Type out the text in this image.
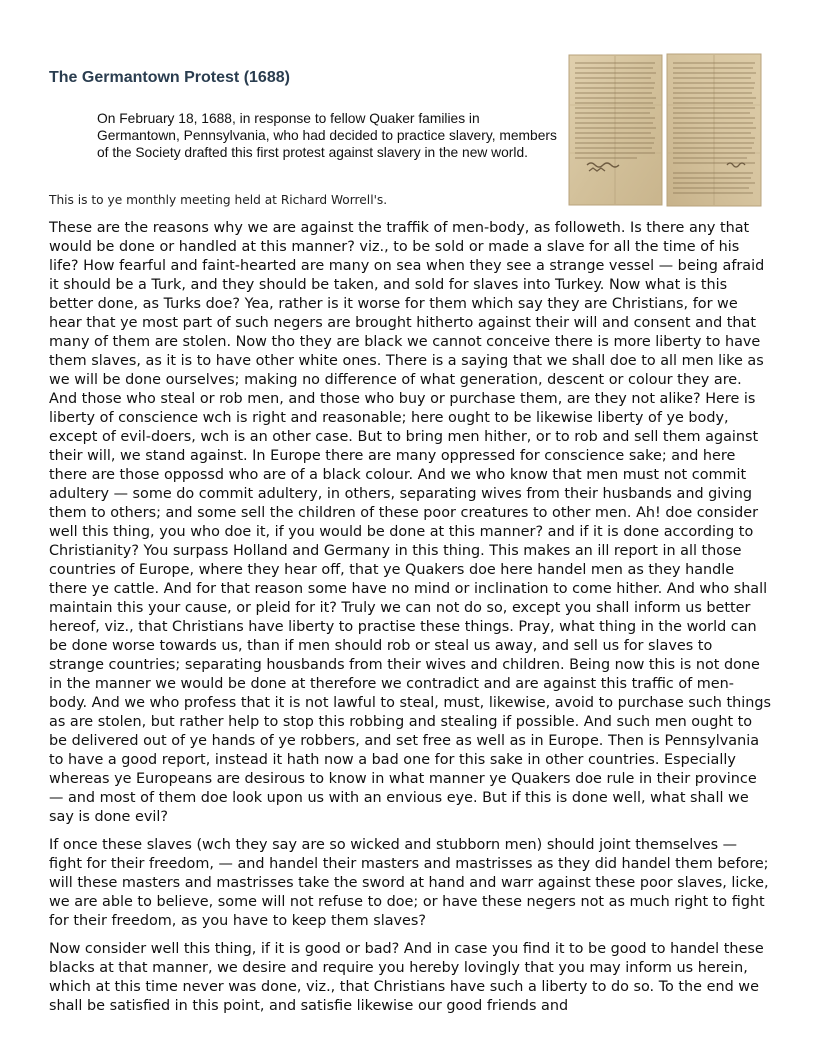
The Germantown Protest (1688)

On February 18, 1688, in response to fellow Quaker families in Germantown, Pennsylvania, who had decided to practice slavery, members of the Society drafted this first protest against slavery in the new world.

This is to ye monthly meeting held at Richard Worrell's.

These are the reasons why we are against the traffik of men-body, as followeth. Is there any that would be done or handled at this manner? viz., to be sold or made a slave for all the time of his life? How fearful and faint-hearted are many on sea when they see a strange vessel — being afraid it should be a Turk, and they should be taken, and sold for slaves into Turkey. Now what is this better done, as Turks doe? Yea, rather is it worse for them which say they are Christians, for we hear that ye most part of such negers are brought hitherto against their will and consent and that many of them are stolen. Now tho they are black we cannot conceive there is more liberty to have them slaves, as it is to have other white ones. There is a saying that we shall doe to all men like as we will be done ourselves; making no difference of what generation, descent or colour they are. And those who steal or rob men, and those who buy or purchase them, are they not alike? Here is liberty of conscience wch is right and reasonable; here ought to be likewise liberty of ye body, except of evil-doers, wch is an other case. But to bring men hither, or to rob and sell them against their will, we stand against. In Europe there are many oppressed for conscience sake; and here there are those oppossd who are of a black colour. And we who know that men must not commit adultery — some do commit adultery, in others, separating wives from their husbands and giving them to others; and some sell the children of these poor creatures to other men. Ah! doe consider well this thing, you who doe it, if you would be done at this manner? and if it is done according to Christianity? You surpass Holland and Germany in this thing. This makes an ill report in all those countries of Europe, where they hear off, that ye Quakers doe here handel men as they handle there ye cattle. And for that reason some have no mind or inclination to come hither. And who shall maintain this your cause, or pleid for it? Truly we can not do so, except you shall inform us better hereof, viz., that Christians have liberty to practise these things. Pray, what thing in the world can be done worse towards us, than if men should rob or steal us away, and sell us for slaves to strange countries; separating housbands from their wives and children. Being now this is not done in the manner we would be done at therefore we contradict and are against this traffic of men-body. And we who profess that it is not lawful to steal, must, likewise, avoid to purchase such things as are stolen, but rather help to stop this robbing and stealing if possible. And such men ought to be delivered out of ye hands of ye robbers, and set free as well as in Europe. Then is Pennsylvania to have a good report, instead it hath now a bad one for this sake in other countries. Especially whereas ye Europeans are desirous to know in what manner ye Quakers doe rule in their province — and most of them doe look upon us with an envious eye. But if this is done well, what shall we say is done evil?

If once these slaves (wch they say are so wicked and stubborn men) should joint themselves — fight for their freedom, — and handel their masters and mastrisses as they did handel them before; will these masters and mastrisses take the sword at hand and warr against these poor slaves, licke, we are able to believe, some will not refuse to doe; or have these negers not as much right to fight for their freedom, as you have to keep them slaves?

Now consider well this thing, if it is good or bad? And in case you find it to be good to handel these blacks at that manner, we desire and require you hereby lovingly that you may inform us herein, which at this time never was done, viz., that Christians have such a liberty to do so. To the end we shall be satisfied in this point, and satisfie likewise our good friends and
